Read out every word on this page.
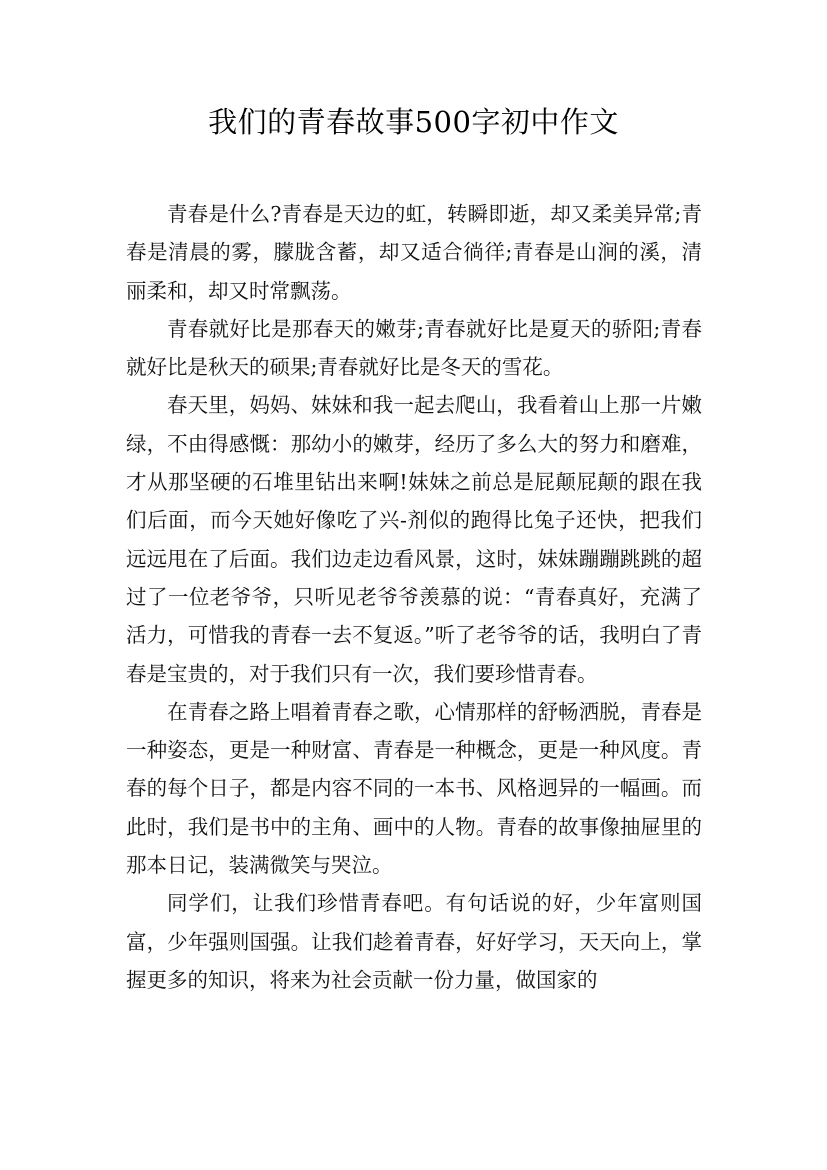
我们的青春故事500字初中作文

青春是什么?青春是天边的虹，转瞬即逝，却又柔美异常;青春是清晨的雾，朦胧含蓄，却又适合徜徉;青春是山涧的溪，清丽柔和，却又时常飘荡。

青春就好比是那春天的嫩芽;青春就好比是夏天的骄阳;青春就好比是秋天的硕果;青春就好比是冬天的雪花。

春天里，妈妈、妹妹和我一起去爬山，我看着山上那一片嫩绿，不由得感慨：那幼小的嫩芽，经历了多么大的努力和磨难，才从那坚硬的石堆里钻出来啊!妹妹之前总是屁颠屁颠的跟在我们后面，而今天她好像吃了兴-剂似的跑得比兔子还快，把我们远远甩在了后面。我们边走边看风景，这时，妹妹蹦蹦跳跳的超过了一位老爷爷，只听见老爷爷羡慕的说：“青春真好，充满了活力，可惜我的青春一去不复返。”听了老爷爷的话，我明白了青春是宝贵的，对于我们只有一次，我们要珍惜青春。

在青春之路上唱着青春之歌，心情那样的舒畅洒脱，青春是一种姿态，更是一种财富、青春是一种概念，更是一种风度。青春的每个日子，都是内容不同的一本书、风格迥异的一幅画。而此时，我们是书中的主角、画中的人物。青春的故事像抽屉里的那本日记，装满微笑与哭泣。

同学们，让我们珍惜青春吧。有句话说的好，少年富则国富，少年强则国强。让我们趁着青春，好好学习，天天向上，掌握更多的知识，将来为社会贡献一份力量，做国家的
